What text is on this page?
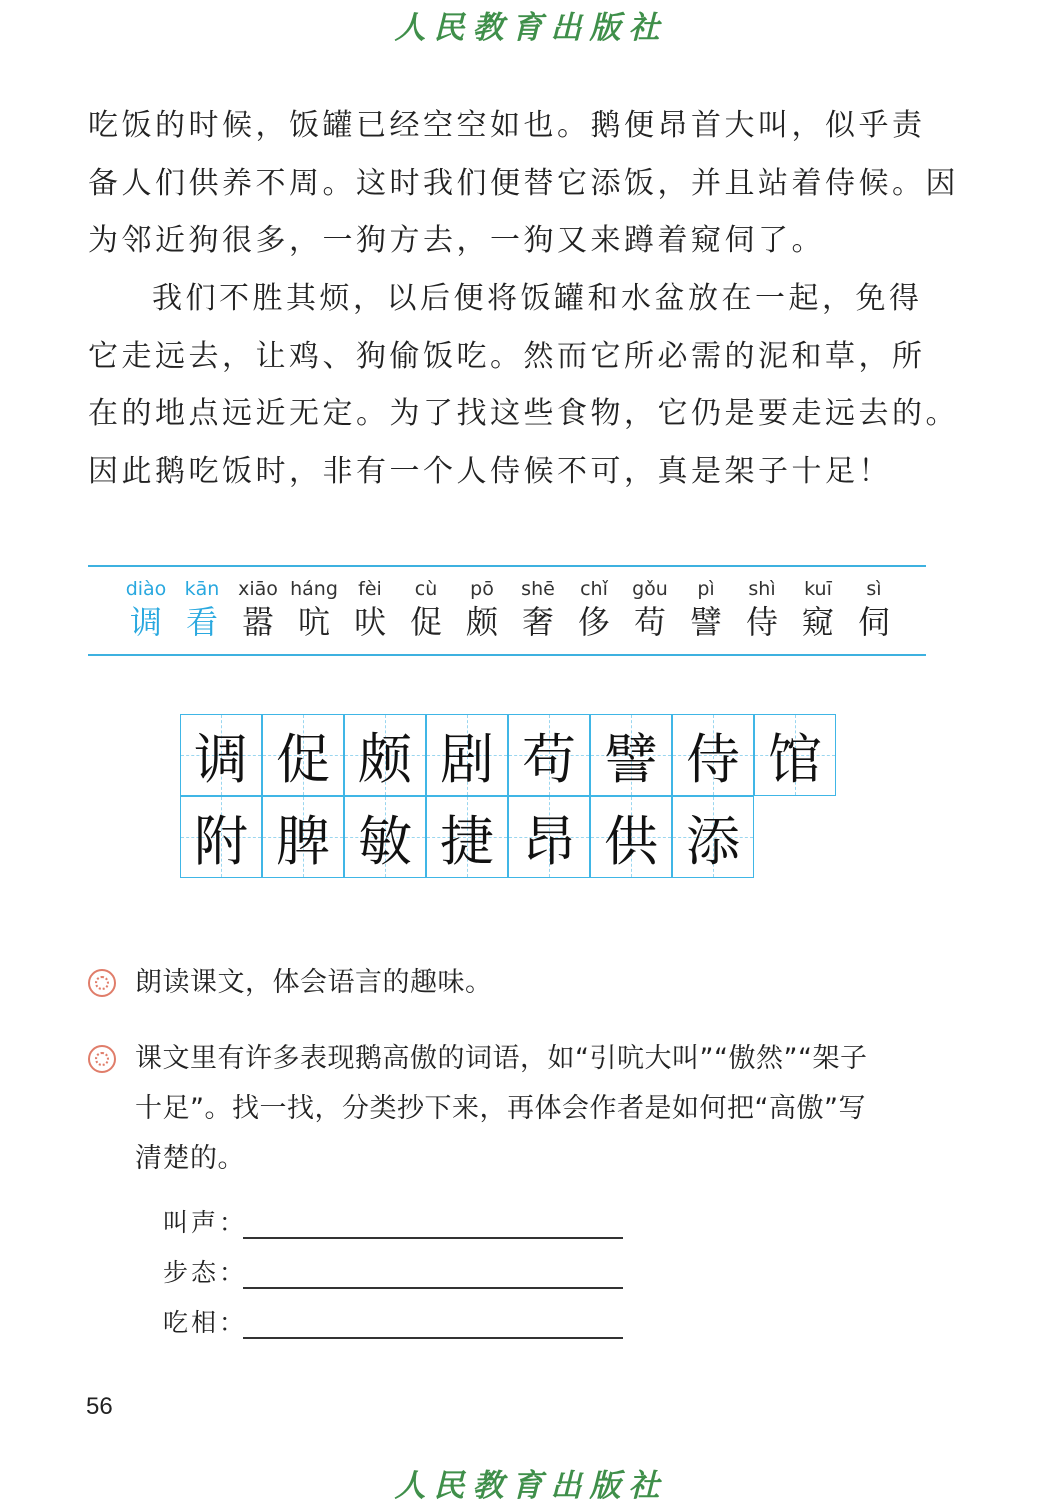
人民教育出版社

吃饭的时候，饭罐已经空空如也。鹅便昂首大叫，似乎责
备人们供养不周。这时我们便替它添饭，并且站着侍候。因
为邻近狗很多，一狗方去，一狗又来蹲着窥伺了。

我们不胜其烦，以后便将饭罐和水盆放在一起，免得
它走远去，让鸡、狗偷饭吃。然而它所必需的泥和草，所
在的地点远近无定。为了找这些食物，它仍是要走远去的。
因此鹅吃饭时，非有一个人侍候不可，真是架子十足！

diào
调
kān
看
xiāo
嚣
háng
吭
fèi
吠
cù
促
pō
颇
shē
奢
chǐ
侈
gǒu
苟
pì
譬
shì
侍
kuī
窥
sì
伺
调 促 颇 剧 苟 譬 侍 馆
附 脾 敏 捷 昂 供 添

朗读课文，体会语言的趣味。

课文里有许多表现鹅高傲的词语，如“引吭大叫”“傲然”“架子
十足”。找一找，分类抄下来，再体会作者是如何把“高傲”写
清楚的。

叫声：
步态：
吃相：
56
人民教育出版社
